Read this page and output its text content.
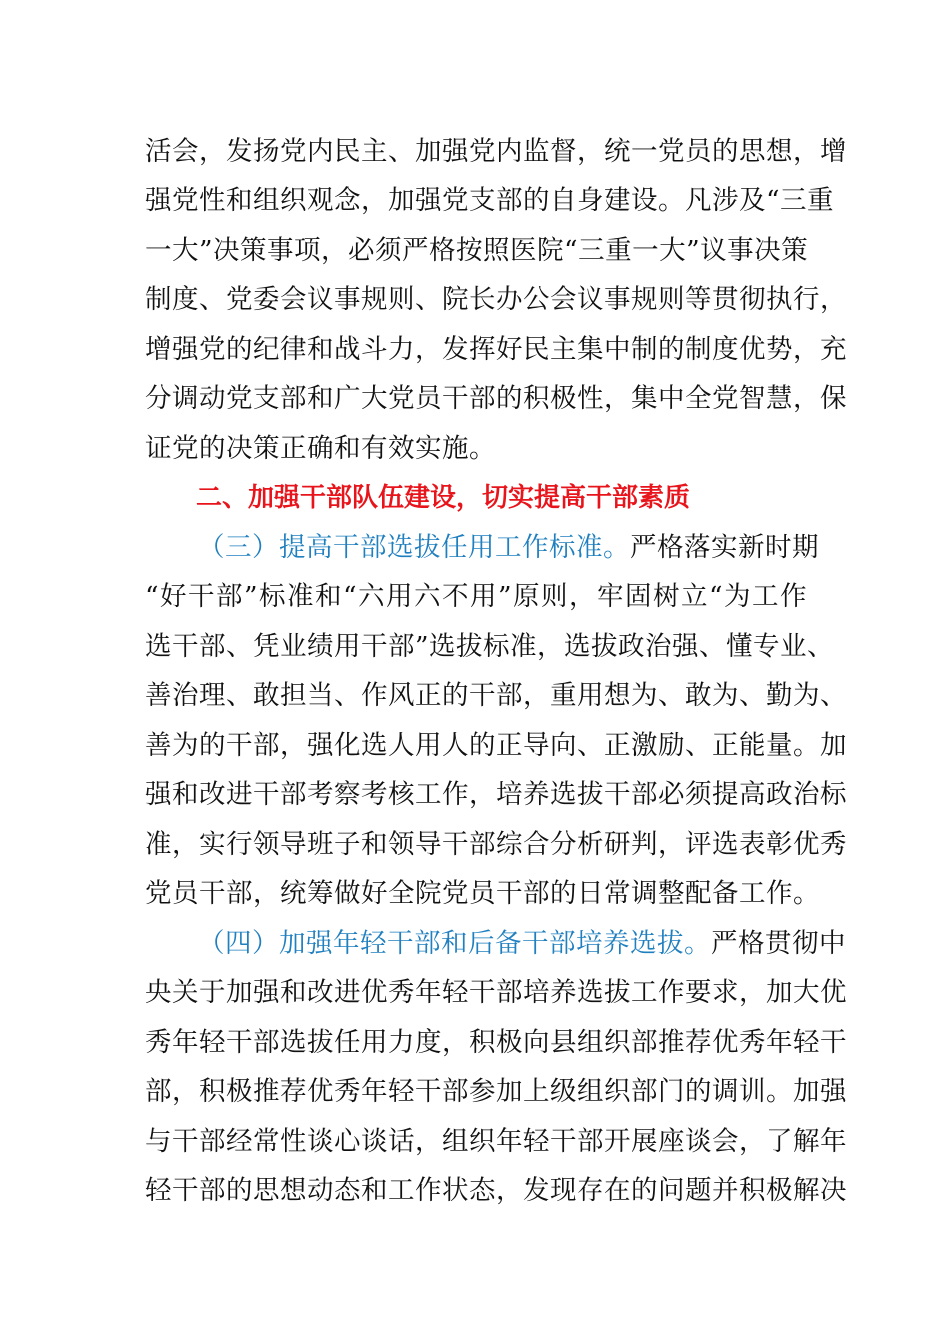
活会，发扬党内民主、加强党内监督，统一党员的思想，增
强党性和组织观念，加强党支部的自身建设。凡涉及“三重
一大”决策事项，必须严格按照医院“三重一大”议事决策
制度、党委会议事规则、院长办公会议事规则等贯彻执行，
增强党的纪律和战斗力，发挥好民主集中制的制度优势，充
分调动党支部和广大党员干部的积极性，集中全党智慧，保
证党的决策正确和有效实施。
二、加强干部队伍建设，切实提高干部素质
（三）提高干部选拔任用工作标准。严格落实新时期
“好干部”标准和“六用六不用”原则，牢固树立“为工作
选干部、凭业绩用干部”选拔标准，选拔政治强、懂专业、
善治理、敢担当、作风正的干部，重用想为、敢为、勤为、
善为的干部，强化选人用人的正导向、正激励、正能量。加
强和改进干部考察考核工作，培养选拔干部必须提高政治标
准，实行领导班子和领导干部综合分析研判，评选表彰优秀
党员干部，统筹做好全院党员干部的日常调整配备工作。
（四）加强年轻干部和后备干部培养选拔。严格贯彻中
央关于加强和改进优秀年轻干部培养选拔工作要求，加大优
秀年轻干部选拔任用力度，积极向县组织部推荐优秀年轻干
部，积极推荐优秀年轻干部参加上级组织部门的调训。加强
与干部经常性谈心谈话，组织年轻干部开展座谈会，了解年
轻干部的思想动态和工作状态，发现存在的问题并积极解决
